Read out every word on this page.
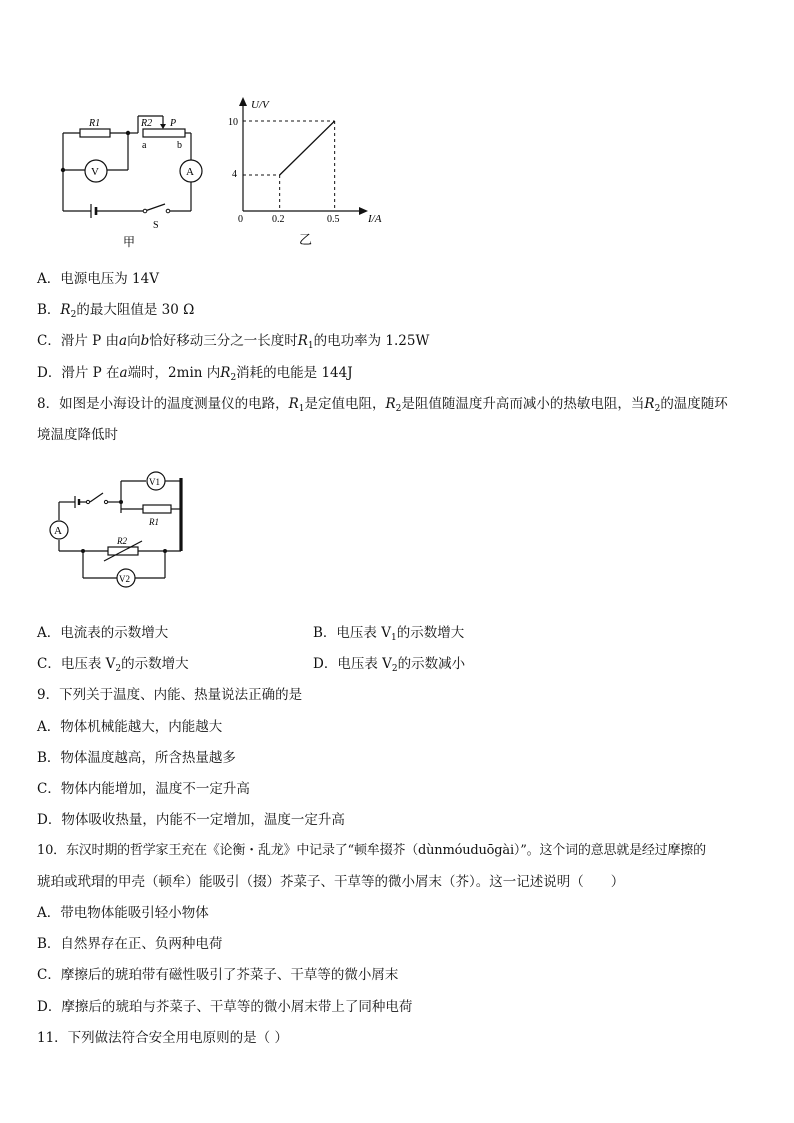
R1	R2 P
a	b
V	A
S
甲
U/V
I/A
0
10
4
0.2	0.5
乙
A．电源电压为 14V
B．$R_2$的最大阻值是 30 Ω
C．滑片 P 由a向b恰好移动三分之一长度时$R_1$的电功率为 1.25W
D．滑片 P 在a端时，2min 内$R_2$消耗的电能是 144J
8．如图是小海设计的温度测量仪的电路，$R_1$是定值电阻，$R_2$是阻值随温度升高而减小的热敏电阻，当$R_2$的温度随环
境温度降低时
A
V1
R1
R2
V2
A．电流表的示数增大	B．电压表 $V_1$的示数增大
C．电压表 $V_2$的示数增大	D．电压表 $V_2$的示数减小
9．下列关于温度、内能、热量说法正确的是
A．物体机械能越大，内能越大
B．物体温度越高，所含热量越多
C．物体内能增加，温度不一定升高
D．物体吸收热量，内能不一定增加，温度一定升高
10．东汉时期的哲学家王充在《论衡・乱龙》中记录了“顿牟掇芥（dùnmóuduōgài）”。这个词的意思就是经过摩擦的
琥珀或玳瑁的甲壳（顿牟）能吸引（掇）芥菜子、干草等的微小屑末（芥）。这一记述说明（　　）
A．带电物体能吸引轻小物体
B．自然界存在正、负两种电荷
C．摩擦后的琥珀带有磁性吸引了芥菜子、干草等的微小屑末
D．摩擦后的琥珀与芥菜子、干草等的微小屑末带上了同种电荷
11．下列做法符合安全用电原则的是（ ）
